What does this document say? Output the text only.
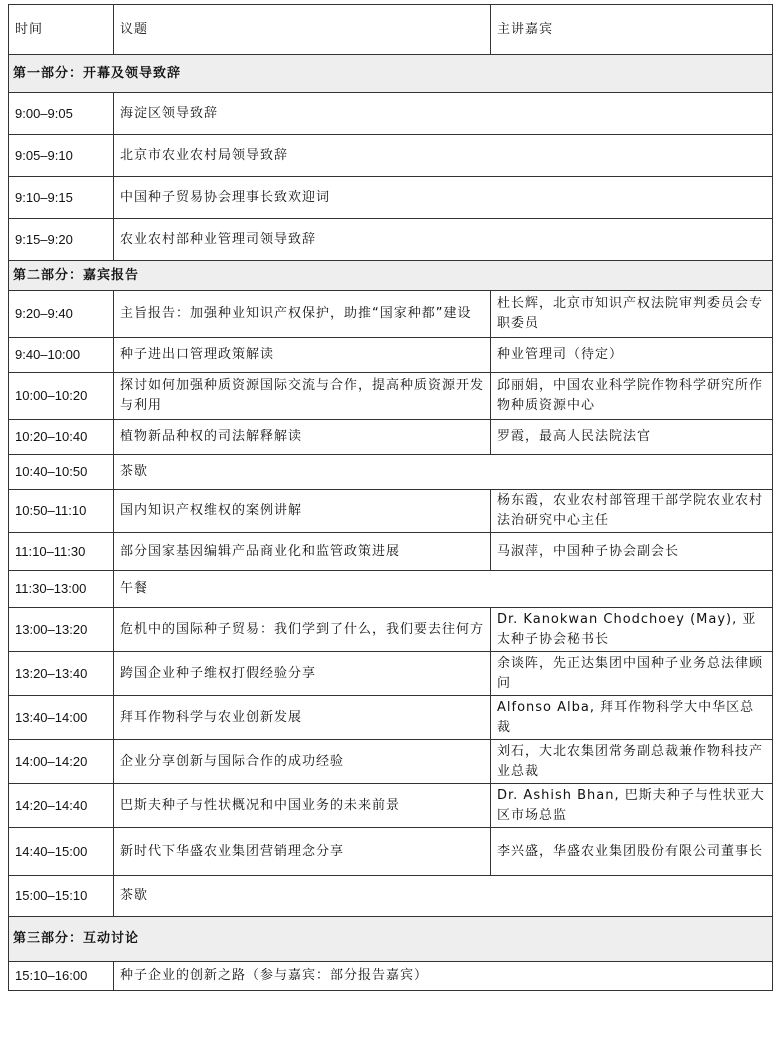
时间	议题	主讲嘉宾
第一部分：开幕及领导致辞		
9:00–9:05	海淀区领导致辞	
9:05–9:10	北京市农业农村局领导致辞	
9:10–9:15	中国种子贸易协会理事长致欢迎词	
9:15–9:20	农业农村部种业管理司领导致辞	
第二部分：嘉宾报告		
9:20–9:40	主旨报告：加强种业知识产权保护，助推“国家种都”建设	杜长辉，北京市知识产权法院审判委员会专职委员
9:40–10:00	种子进出口管理政策解读	种业管理司（待定）
10:00–10:20	探讨如何加强种质资源国际交流与合作，提高种质资源开发与利用	邱丽娟，中国农业科学院作物科学研究所作物种质资源中心
10:20–10:40	植物新品种权的司法解释解读	罗霞，最高人民法院法官
10:40–10:50	茶歇	
10:50–11:10	国内知识产权维权的案例讲解	杨东霞，农业农村部管理干部学院农业农村法治研究中心主任
11:10–11:30	部分国家基因编辑产品商业化和监管政策进展	马淑萍，中国种子协会副会长
11:30–13:00	午餐	
13:00–13:20	危机中的国际种子贸易：我们学到了什么，我们要去往何方	Dr. Kanokwan Chodchoey (May), 亚太种子协会秘书长
13:20–13:40	跨国企业种子维权打假经验分享	余谈阵，先正达集团中国种子业务总法律顾问
13:40–14:00	拜耳作物科学与农业创新发展	Alfonso Alba, 拜耳作物科学大中华区总裁
14:00–14:20	企业分享创新与国际合作的成功经验	刘石，大北农集团常务副总裁兼作物科技产业总裁
14:20–14:40	巴斯夫种子与性状概况和中国业务的未来前景	Dr. Ashish Bhan, 巴斯夫种子与性状亚大区市场总监
14:40–15:00	新时代下华盛农业集团营销理念分享	李兴盛，华盛农业集团股份有限公司董事长
15:00–15:10	茶歇	
第三部分：互动讨论		
15:10–16:00	种子企业的创新之路（参与嘉宾：部分报告嘉宾）	
